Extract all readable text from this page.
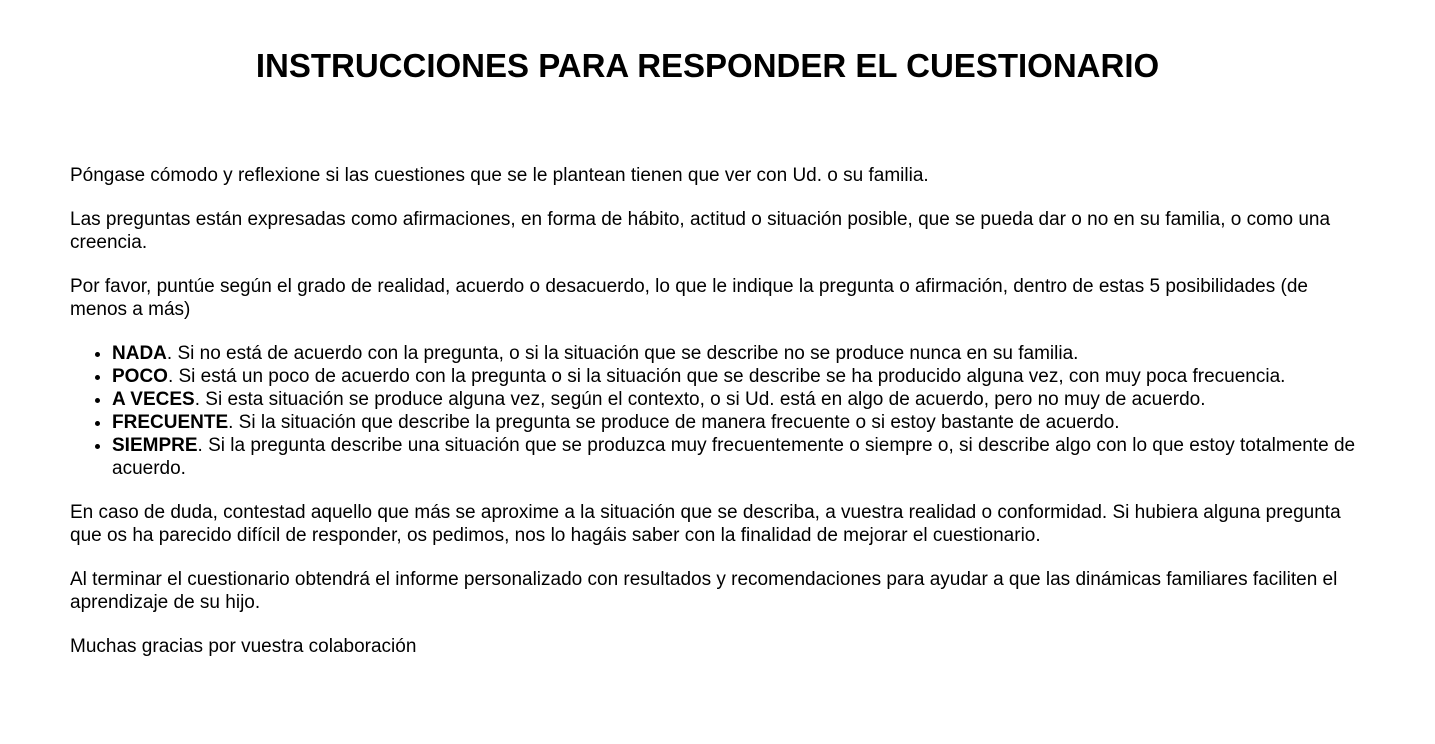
INSTRUCCIONES PARA RESPONDER EL CUESTIONARIO

Póngase cómodo y reflexione si las cuestiones que se le plantean tienen que ver con Ud. o su familia.

Las preguntas están expresadas como afirmaciones, en forma de hábito, actitud o situación posible, que se pueda dar o no en su familia, o como una creencia.

Por favor, puntúe según el grado de realidad, acuerdo o desacuerdo, lo que le indique la pregunta o afirmación, dentro de estas 5 posibilidades (de menos a más)

• NADA. Si no está de acuerdo con la pregunta, o si la situación que se describe no se produce nunca en su familia.
• POCO. Si está un poco de acuerdo con la pregunta o si la situación que se describe se ha producido alguna vez, con muy poca frecuencia.
• A VECES. Si esta situación se produce alguna vez, según el contexto, o si Ud. está en algo de acuerdo, pero no muy de acuerdo.
• FRECUENTE. Si la situación que describe la pregunta se produce de manera frecuente o si estoy bastante de acuerdo.
• SIEMPRE. Si la pregunta describe una situación que se produzca muy frecuentemente o siempre o, si describe algo con lo que estoy totalmente de acuerdo.

En caso de duda, contestad aquello que más se aproxime a la situación que se describa, a vuestra realidad o conformidad. Si hubiera alguna pregunta que os ha parecido difícil de responder, os pedimos, nos lo hagáis saber con la finalidad de mejorar el cuestionario.

Al terminar el cuestionario obtendrá el informe personalizado con resultados y recomendaciones para ayudar a que las dinámicas familiares faciliten el aprendizaje de su hijo.

Muchas gracias por vuestra colaboración
